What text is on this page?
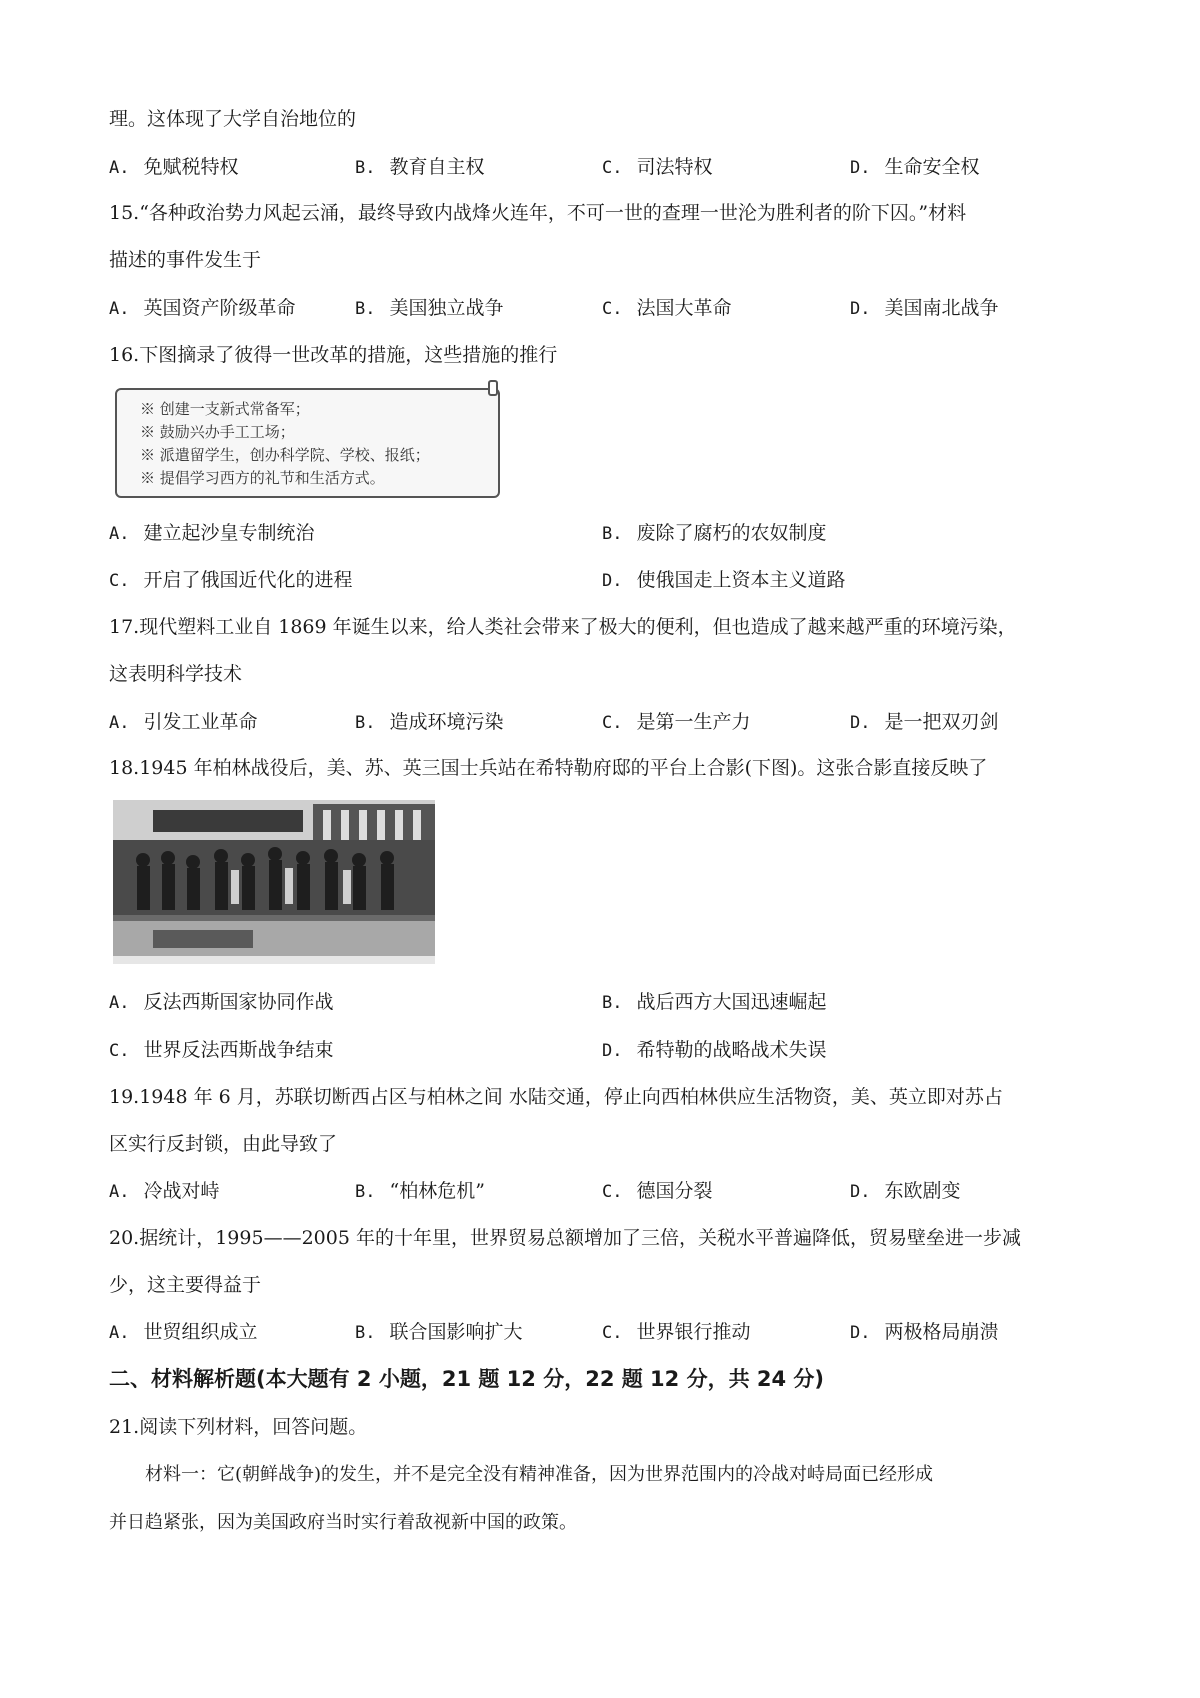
理。这体现了大学自治地位的
A. 免赋税特权	B. 教育自主权	C. 司法特权	D. 生命安全权
15.“各种政治势力风起云涌，最终导致内战烽火连年，不可一世的查理一世沦为胜利者的阶下囚。”材料
描述的事件发生于
A. 英国资产阶级革命	B. 美国独立战争	C. 法国大革命	D. 美国南北战争
16.下图摘录了彼得一世改革的措施，这些措施的推行
※ 创建一支新式常备军；
※ 鼓励兴办手工工场；
※ 派遣留学生，创办科学院、学校、报纸；
※ 提倡学习西方的礼节和生活方式。
A. 建立起沙皇专制统治	B. 废除了腐朽的农奴制度
C. 开启了俄国近代化的进程	D. 使俄国走上资本主义道路
17.现代塑料工业自 1869 年诞生以来，给人类社会带来了极大的便利，但也造成了越来越严重的环境污染，
这表明科学技术
A. 引发工业革命	B. 造成环境污染	C. 是第一生产力	D. 是一把双刃剑
18.1945 年柏林战役后，美、苏、英三国士兵站在希特勒府邸的平台上合影(下图)。这张合影直接反映了
A. 反法西斯国家协同作战	B. 战后西方大国迅速崛起
C. 世界反法西斯战争结束	D. 希特勒的战略战术失误
19.1948 年 6 月，苏联切断西占区与柏林之间 水陆交通，停止向西柏林供应生活物资，美、英立即对苏占
区实行反封锁，由此导致了
A. 冷战对峙	B. “柏林危机”	C. 德国分裂	D. 东欧剧变
20.据统计，1995——2005 年的十年里，世界贸易总额增加了三倍，关税水平普遍降低，贸易壁垒进一步减
少，这主要得益于
A. 世贸组织成立	B. 联合国影响扩大	C. 世界银行推动	D. 两极格局崩溃
二、材料解析题(本大题有 2 小题，21 题 12 分，22 题 12 分，共 24 分)
21.阅读下列材料，回答问题。
材料一：它(朝鲜战争)的发生，并不是完全没有精神准备，因为世界范围内的冷战对峙局面已经形成
并日趋紧张，因为美国政府当时实行着敌视新中国的政策。
